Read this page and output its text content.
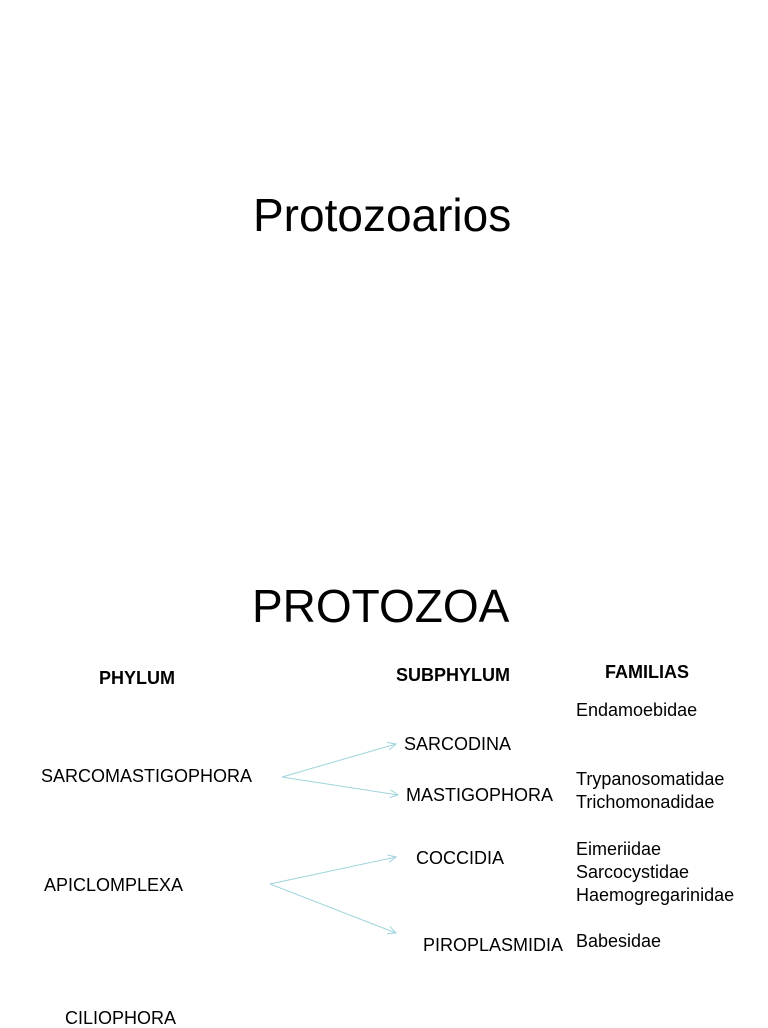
Protozoarios
PROTOZOA
PHYLUM	SUBPHYLUM	FAMILIAS
SARCOMASTIGOPHORA
APICLOMPLEXA
CILIOPHORA
SARCODINA
MASTIGOPHORA
COCCIDIA
PIROPLASMIDIA
Endamoebidae
Trypanosomatidae
Trichomonadidae
Eimeriidae
Sarcocystidae
Haemogregarinidae
Babesidae
